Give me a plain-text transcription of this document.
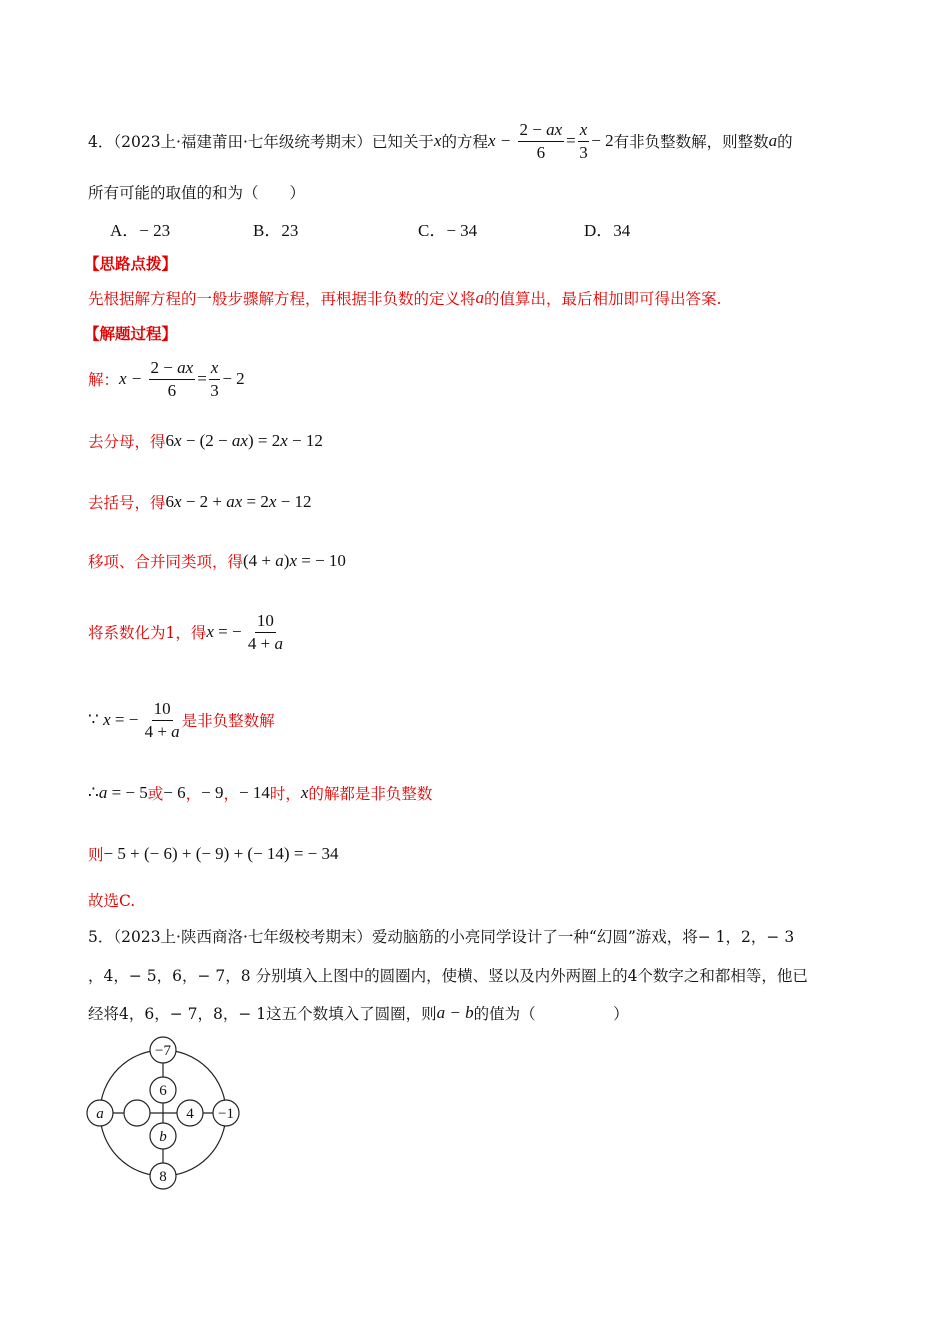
4．（2023上·福建莆田·七年级统考期末）已知关于 x 的方程 $x - \frac{2 - ax}{6} = \frac{x}{3} - 2$ 有非负整数解，则整数 a 的
所有可能的取值的和为（　　）
A．− 23	B．23	C．− 34	D．34
【思路点拨】
先根据解方程的一般步骤解方程，再根据非负数的定义将 a 的值算出，最后相加即可得出答案.
【解题过程】
解： $x - \frac{2 - ax}{6} = \frac{x}{3} - 2$
去分母，得 6 x − (2 − ax ) = 2 x − 12
去括号，得 6 x − 2 + ax = 2 x − 12
移项、合并同类项，得 (4 + a ) x = − 10
将系数化为1，得 x = − $\frac{10}{4 + a}$
∵ x = − $\frac{10}{4 + a}$ 是非负整数解
∴ a = − 5 或 − 6 ， − 9 ， − 14 时， x 的解都是非负整数
则 − 5 + (− 6) + (− 9) + (− 14) = − 34
故选C.
5．（2023上·陕西商洛·七年级校考期末）爱动脑筋的小亮同学设计了一种“幻圆”游戏，将− 1，2，− 3
，4，− 5，6，− 7，8 分别填入上图中的圆圈内，使横、竖以及内外两圈上的4个数字之和都相等，他已
经将4，6，− 7，8，− 1这五个数填入了圆圈，则 a − b 的值为（　　　　　）
−7
6
a	4 −1
b
8
